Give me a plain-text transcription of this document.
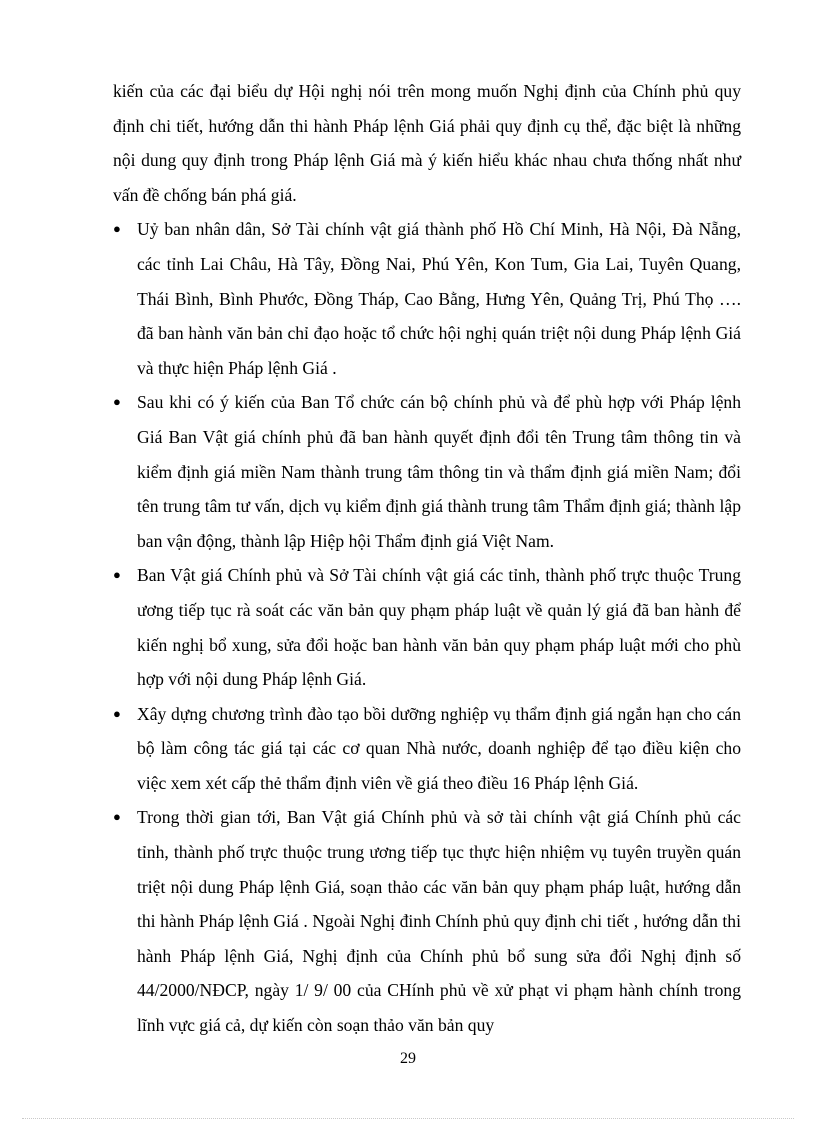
kiến của các đại biểu dự Hội nghị nói trên mong muốn Nghị định của Chính phủ quy định chi tiết, hướng dẫn thi hành Pháp lệnh Giá phải quy định cụ thể, đặc biệt là những nội dung quy định trong Pháp lệnh Giá mà ý kiến hiểu khác nhau chưa thống nhất như vấn đề chống bán phá giá.

● Uỷ ban nhân dân, Sở Tài chính vật giá thành phố Hồ Chí Minh, Hà Nội, Đà Nẵng, các tỉnh Lai Châu, Hà Tây, Đồng Nai, Phú Yên, Kon Tum, Gia Lai, Tuyên Quang, Thái Bình, Bình Phước, Đồng Tháp, Cao Bằng, Hưng Yên, Quảng Trị, Phú Thọ …. đã ban hành văn bản chỉ đạo hoặc tổ chức hội nghị quán triệt nội dung Pháp lệnh Giá và thực hiện Pháp lệnh Giá .
● Sau khi có ý kiến của Ban Tổ chức cán bộ chính phủ và để phù hợp với Pháp lệnh Giá Ban Vật giá chính phủ đã ban hành quyết định đổi tên Trung tâm thông tin và kiểm định giá miền Nam thành trung tâm thông tin và thẩm định giá miền Nam; đổi tên trung tâm tư vấn, dịch vụ kiểm định giá thành trung tâm Thẩm định giá; thành lập ban vận động, thành lập Hiệp hội Thẩm định giá Việt Nam.
● Ban Vật giá Chính phủ và Sở Tài chính vật giá các tỉnh, thành phố trực thuộc Trung ương tiếp tục rà soát các văn bản quy phạm pháp luật về quản lý giá đã ban hành để kiến nghị bổ xung, sửa đổi hoặc ban hành văn bản quy phạm pháp luật mới cho phù hợp với nội dung Pháp lệnh Giá.
● Xây dựng chương trình đào tạo bồi dưỡng nghiệp vụ thẩm định giá ngắn hạn cho cán bộ làm công tác giá tại các cơ quan Nhà nước, doanh nghiệp để tạo điều kiện cho việc xem xét cấp thẻ thẩm định viên về giá theo điều 16 Pháp lệnh Giá.
● Trong thời gian tới, Ban Vật giá Chính phủ và sở tài chính vật giá Chính phủ các tỉnh, thành phố trực thuộc trung ương tiếp tục thực hiện nhiệm vụ tuyên truyền quán triệt nội dung Pháp lệnh Giá, soạn thảo các văn bản quy phạm pháp luật, hướng dẫn thi hành Pháp lệnh Giá . Ngoài Nghị đinh Chính phủ quy định chi tiết , hướng dẫn thi hành Pháp lệnh Giá, Nghị định của Chính phủ bổ sung sửa đổi Nghị định số 44/2000/NĐCP, ngày 1/ 9/ 00 của CHính phủ về xử phạt vi phạm hành chính trong lĩnh vực giá cả, dự kiến còn soạn thảo văn bản quy
29
